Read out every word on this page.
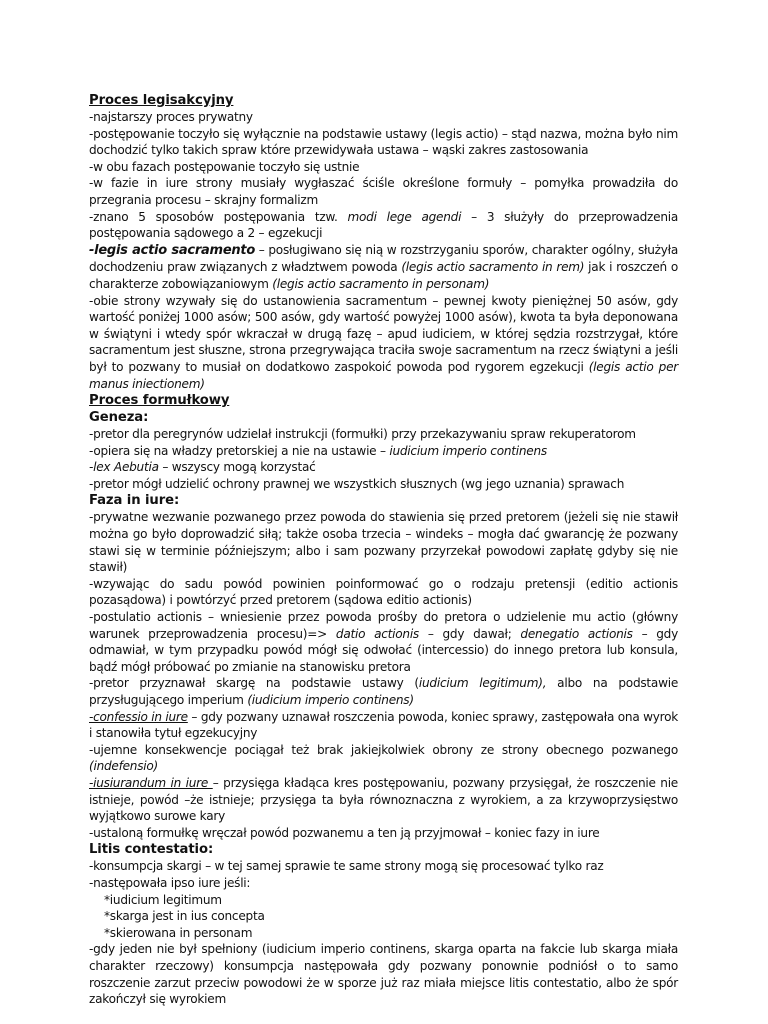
Proces legisakcyjny

-najstarszy proces prywatny

-postępowanie toczyło się wyłącznie na podstawie ustawy (legis actio) – stąd nazwa, można było nim dochodzić tylko takich spraw które przewidywała ustawa – wąski zakres zastosowania

-w obu fazach postępowanie toczyło się ustnie

-w fazie in iure strony musiały wygłaszać ściśle określone formuły – pomyłka prowadziła do przegrania procesu – skrajny formalizm

-znano 5 sposobów postępowania tzw. modi lege agendi – 3 służyły do przeprowadzenia postępowania sądowego a 2 – egzekucji

-legis actio sacramento – posługiwano się nią w rozstrzyganiu sporów, charakter ogólny, służyła dochodzeniu praw związanych z władztwem powoda (legis actio sacramento in rem) jak i roszczeń o charakterze zobowiązaniowym (legis actio sacramento in personam)

-obie strony wzywały się do ustanowienia sacramentum – pewnej kwoty pieniężnej 50 asów, gdy wartość poniżej 1000 asów; 500 asów, gdy wartość powyżej 1000 asów), kwota ta była deponowana w świątyni i wtedy spór wkraczał w drugą fazę – apud iudiciem, w której sędzia rozstrzygał, które sacramentum jest słuszne, strona przegrywająca traciła swoje sacramentum na rzecz świątyni a jeśli był to pozwany to musiał on dodatkowo zaspokoić powoda pod rygorem egzekucji (legis actio per manus iniectionem)

Proces formułkowy
Geneza:

-pretor dla peregrynów udzielał instrukcji (formułki) przy przekazywaniu spraw rekuperatorom

-opiera się na władzy pretorskiej a nie na ustawie – iudicium imperio continens

-lex Aebutia – wszyscy mogą korzystać

-pretor mógł udzielić ochrony prawnej we wszystkich słusznych (wg jego uznania) sprawach

Faza in iure:

-prywatne wezwanie pozwanego przez powoda do stawienia się przed pretorem (jeżeli się nie stawił można go było doprowadzić siłą; także osoba trzecia – windeks – mogła dać gwarancję że pozwany stawi się w terminie późniejszym; albo i sam pozwany przyrzekał powodowi zapłatę gdyby się nie stawił)

-wzywając do sadu powód powinien poinformować go o rodzaju pretensji (editio actionis pozasądowa) i powtórzyć przed pretorem (sądowa editio actionis)

-postulatio actionis – wniesienie przez powoda prośby do pretora o udzielenie mu actio (główny warunek przeprowadzenia procesu)=> datio actionis – gdy dawał; denegatio actionis – gdy odmawiał, w tym przypadku powód mógł się odwołać (intercessio) do innego pretora lub konsula, bądź mógł próbować po zmianie na stanowisku pretora

-pretor przyznawał skargę na podstawie ustawy (iudicium legitimum), albo na podstawie przysługującego imperium (iudicium imperio continens)

-confessio in iure – gdy pozwany uznawał roszczenia powoda, koniec sprawy, zastępowała ona wyrok i stanowiła tytuł egzekucyjny

-ujemne konsekwencje pociągał też brak jakiejkolwiek obrony ze strony obecnego pozwanego (indefensio)

-iusiurandum in iure – przysięga kładąca kres postępowaniu, pozwany przysięgał, że roszczenie nie istnieje, powód –że istnieje; przysięga ta była równoznaczna z wyrokiem, a za krzywoprzysięstwo wyjątkowo surowe kary

-ustaloną formułkę wręczał powód pozwanemu a ten ją przyjmował – koniec fazy in iure

Litis contestatio:

-konsumpcja skargi – w tej samej sprawie te same strony mogą się procesować tylko raz

-następowała ipso iure jeśli:

*iudicium legitimum

*skarga jest in ius concepta

*skierowana in personam

-gdy jeden nie był spełniony (iudicium imperio continens, skarga oparta na fakcie lub skarga miała charakter rzeczowy) konsumpcja następowała gdy pozwany ponownie podniósł o to samo roszczenie zarzut przeciw powodowi że w sporze już raz miała miejsce litis contestatio, albo że spór zakończył się wyrokiem
